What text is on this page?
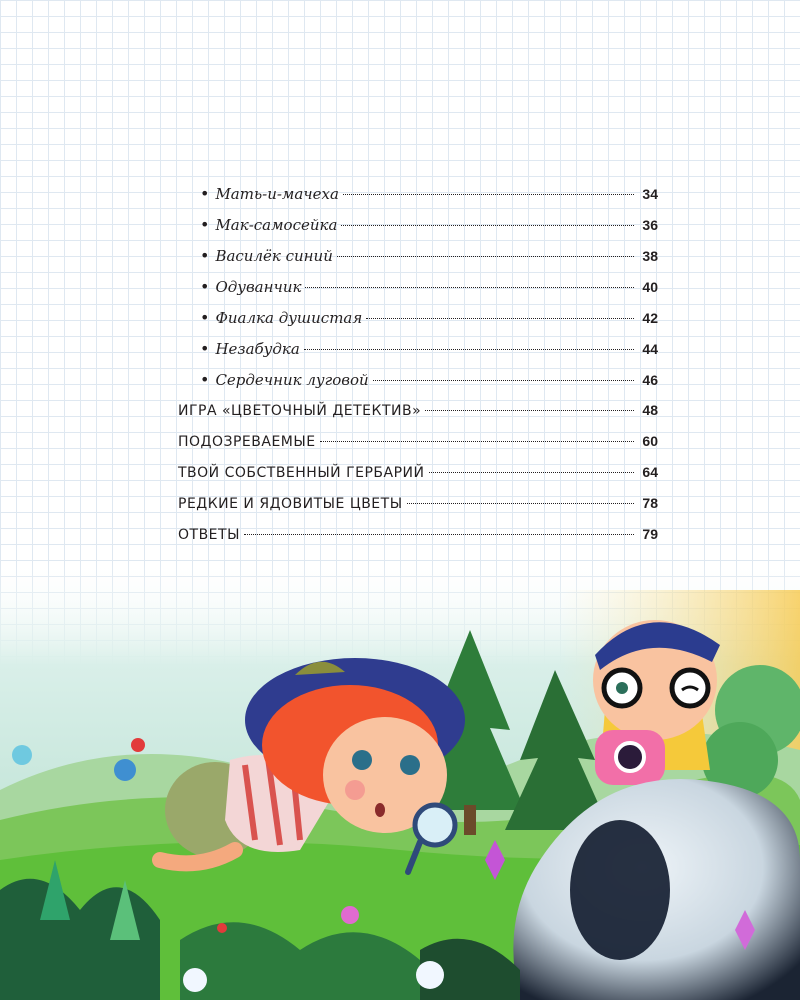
• Мать-и-мачеха	34
• Мак-самосейка	36
• Василёк синий	38
• Одуванчик	40
• Фиалка душистая	42
• Незабудка	44
• Сердечник луговой	46
ИГРА «ЦВЕТОЧНЫЙ ДЕТЕКТИВ»	48
ПОДОЗРЕВАЕМЫЕ	60
ТВОЙ СОБСТВЕННЫЙ ГЕРБАРИЙ	64
РЕДКИЕ И ЯДОВИТЫЕ ЦВЕТЫ	78
ОТВЕТЫ	79
